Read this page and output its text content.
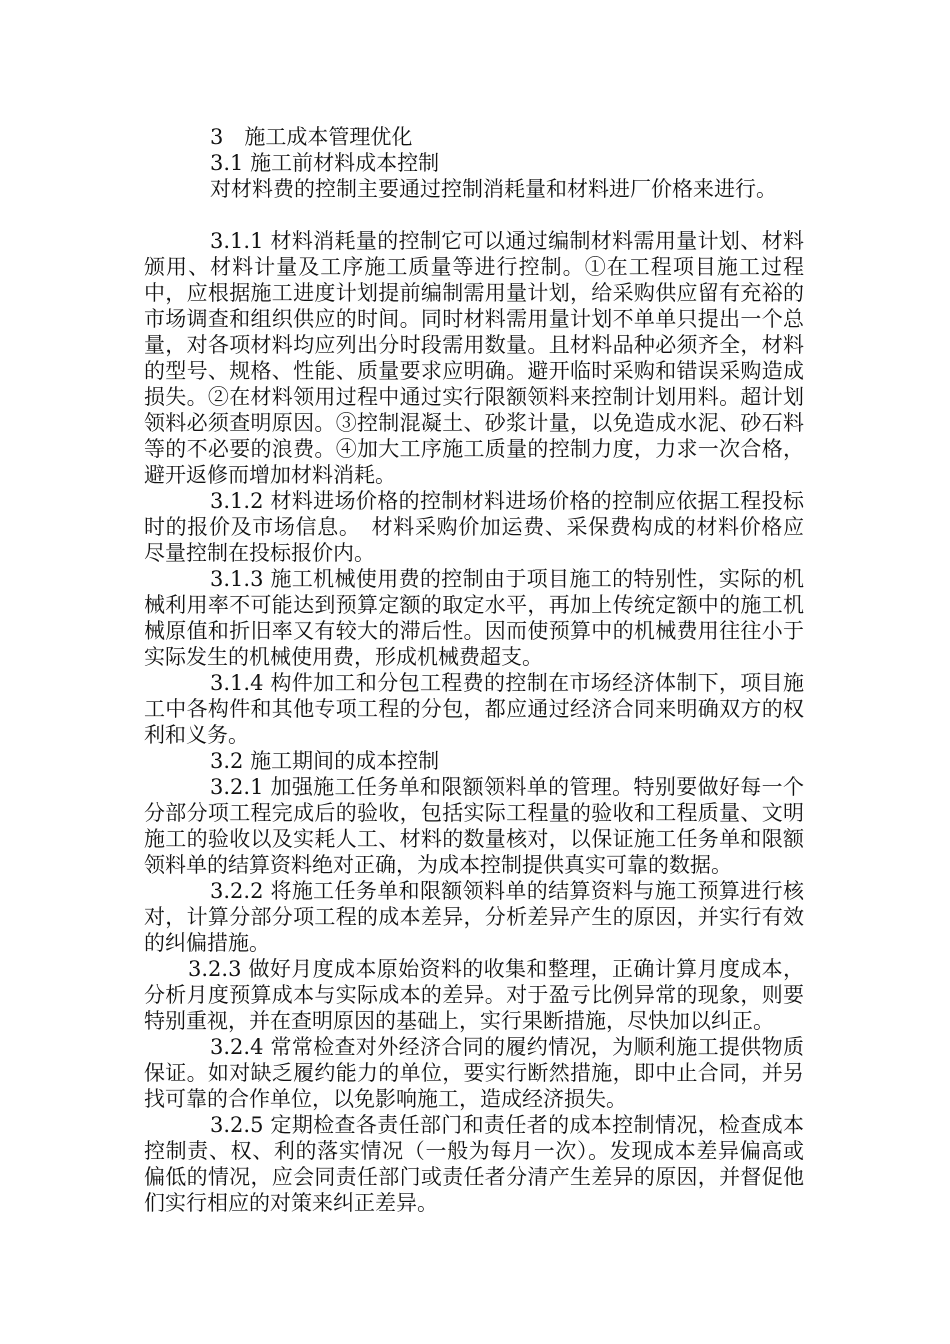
3　施工成本管理优化

3.1 施工前材料成本控制

对材料费的控制主要通过控制消耗量和材料进厂价格来进行。

3.1.1 材料消耗量的控制它可以通过编制材料需用量计划、材料颁用、材料计量及工序施工质量等进行控制。①在工程项目施工过程中，应根据施工进度计划提前编制需用量计划，给采购供应留有充裕的市场调查和组织供应的时间。同时材料需用量计划不单单只提出一个总量，对各项材料均应列出分时段需用数量。且材料品种必须齐全，材料的型号、规格、性能、质量要求应明确。避开临时采购和错误采购造成损失。②在材料领用过程中通过实行限额领料来控制计划用料。超计划领料必须查明原因。③控制混凝土、砂浆计量，以免造成水泥、砂石料等的不必要的浪费。④加大工序施工质量的控制力度，力求一次合格，避开返修而增加材料消耗。

3.1.2 材料进场价格的控制材料进场价格的控制应依据工程投标时的报价及市场信息。　材料采购价加运费、采保费构成的材料价格应尽量控制在投标报价内。

3.1.3 施工机械使用费的控制由于项目施工的特别性，实际的机械利用率不可能达到预算定额的取定水平，再加上传统定额中的施工机械原值和折旧率又有较大的滞后性。因而使预算中的机械费用往往小于实际发生的机械使用费，形成机械费超支。

3.1.4 构件加工和分包工程费的控制在市场经济体制下，项目施工中各构件和其他专项工程的分包，都应通过经济合同来明确双方的权利和义务。

3.2 施工期间的成本控制

3.2.1 加强施工任务单和限额领料单的管理。特别要做好每一个分部分项工程完成后的验收，包括实际工程量的验收和工程质量、文明施工的验收以及实耗人工、材料的数量核对，以保证施工任务单和限额领料单的结算资料绝对正确，为成本控制提供真实可靠的数据。

3.2.2 将施工任务单和限额领料单的结算资料与施工预算进行核对，计算分部分项工程的成本差异，分析差异产生的原因，并实行有效的纠偏措施。

3.2.3 做好月度成本原始资料的收集和整理，正确计算月度成本，分析月度预算成本与实际成本的差异。对于盈亏比例异常的现象，则要特别重视，并在查明原因的基础上，实行果断措施，尽快加以纠正。

3.2.4 常常检查对外经济合同的履约情况，为顺利施工提供物质保证。如对缺乏履约能力的单位，要实行断然措施，即中止合同，并另找可靠的合作单位，以免影响施工，造成经济损失。

3.2.5 定期检查各责任部门和责任者的成本控制情况，检查成本控制责、权、利的落实情况（一般为每月一次）。发现成本差异偏高或偏低的情况，应会同责任部门或责任者分清产生差异的原因，并督促他们实行相应的对策来纠正差异。
